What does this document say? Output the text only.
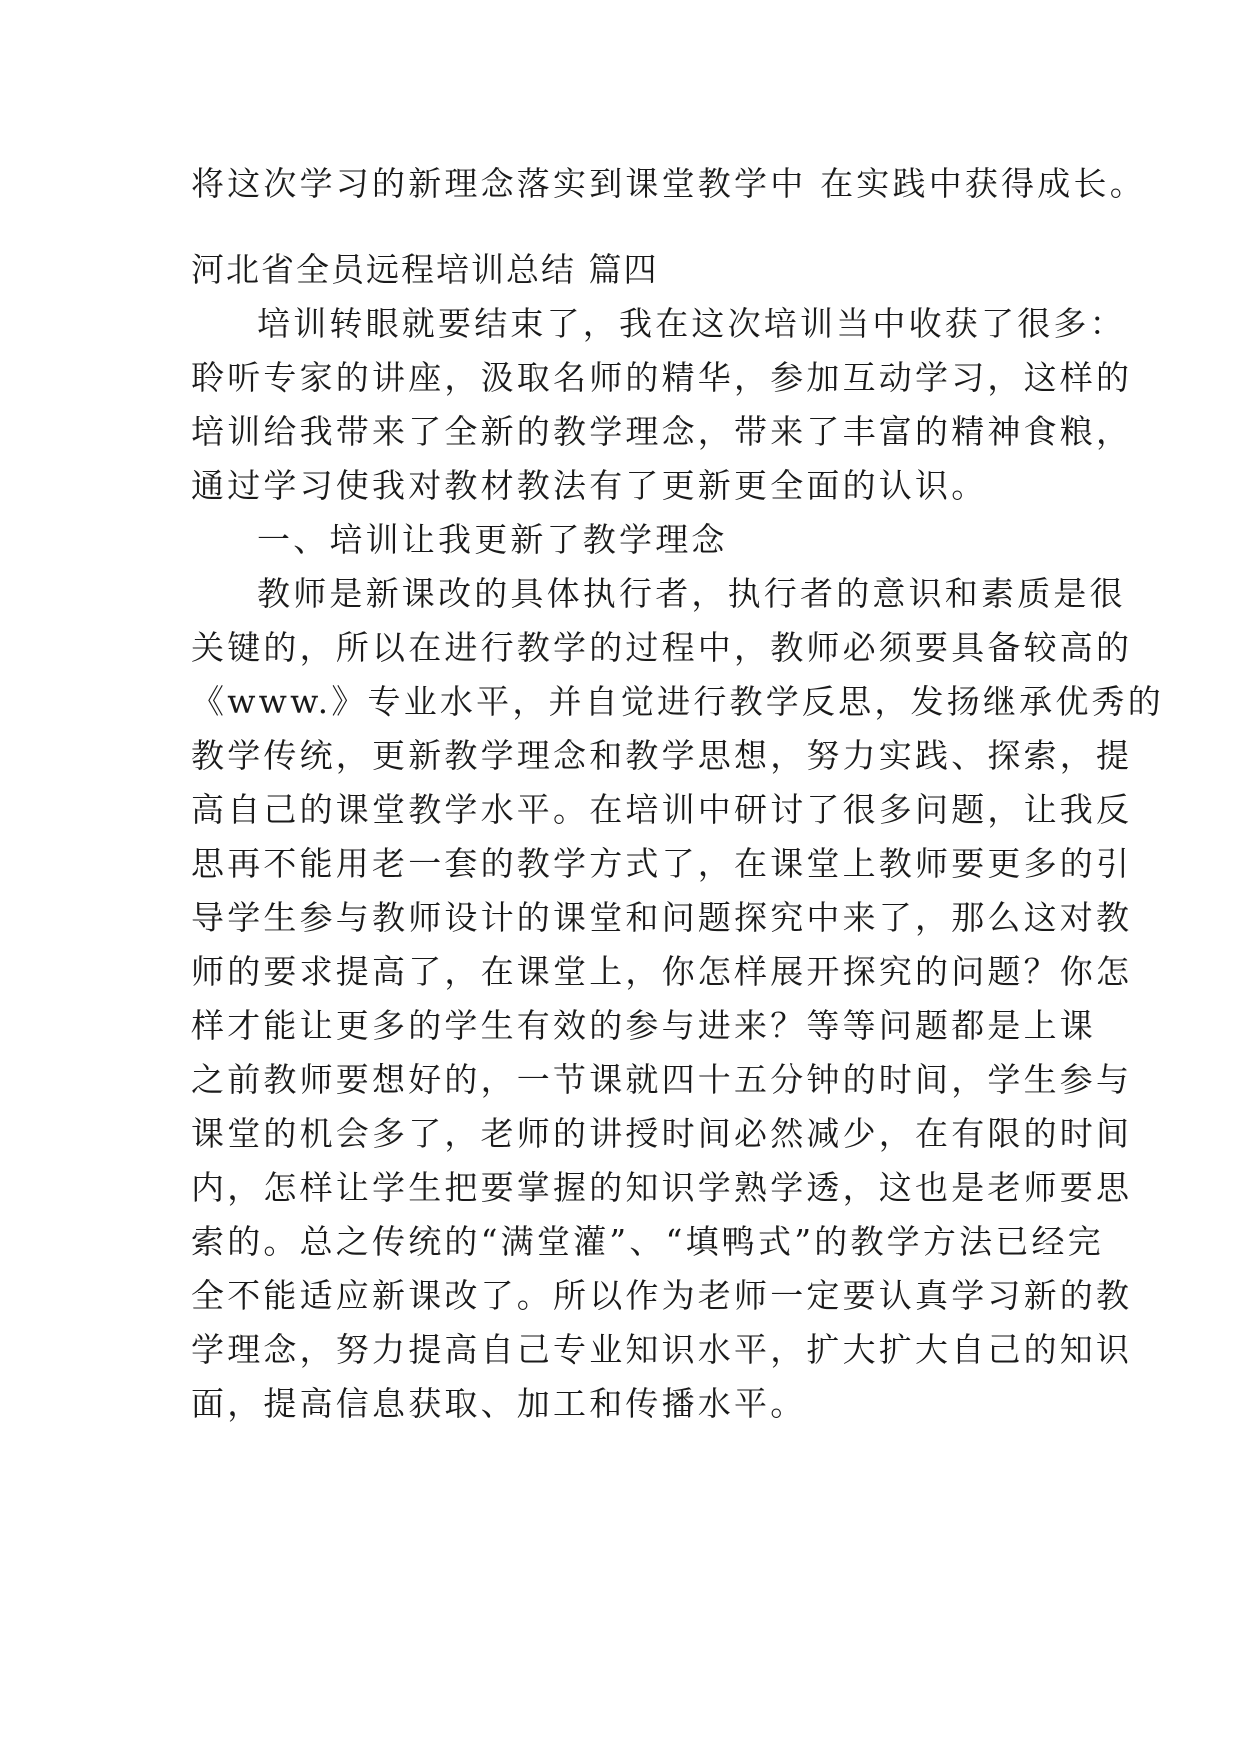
将这次学习的新理念落实到课堂教学中 在实践中获得成长。

河北省全员远程培训总结 篇四

培训转眼就要结束了，我在这次培训当中收获了很多：

聆听专家的讲座，汲取名师的精华，参加互动学习，这样的

培训给我带来了全新的教学理念，带来了丰富的精神食粮，

通过学习使我对教材教法有了更新更全面的认识。

一、培训让我更新了教学理念

教师是新课改的具体执行者，执行者的意识和素质是很

关键的，所以在进行教学的过程中，教师必须要具备较高的

《www.》专业水平，并自觉进行教学反思，发扬继承优秀的

教学传统，更新教学理念和教学思想，努力实践、探索，提

高自己的课堂教学水平。在培训中研讨了很多问题，让我反

思再不能用老一套的教学方式了，在课堂上教师要更多的引

导学生参与教师设计的课堂和问题探究中来了，那么这对教

师的要求提高了，在课堂上，你怎样展开探究的问题？你怎

样才能让更多的学生有效的参与进来？等等问题都是上课

之前教师要想好的，一节课就四十五分钟的时间，学生参与

课堂的机会多了，老师的讲授时间必然减少，在有限的时间

内，怎样让学生把要掌握的知识学熟学透，这也是老师要思

索的。总之传统的“满堂灌”、“填鸭式”的教学方法已经完

全不能适应新课改了。所以作为老师一定要认真学习新的教

学理念，努力提高自己专业知识水平，扩大扩大自己的知识

面，提高信息获取、加工和传播水平。
